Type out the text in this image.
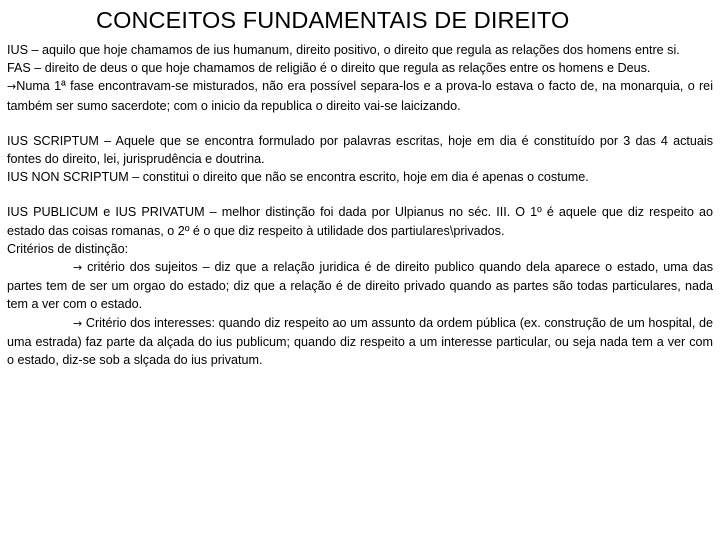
CONCEITOS FUNDAMENTAIS DE DIREITO

IUS – aquilo que hoje chamamos de ius humanum, direito positivo, o direito que regula as relações dos homens entre si.

FAS – direito de deus o que hoje chamamos de religião é o direito que regula as relações entre os homens e Deus.

→Numa 1ª fase encontravam-se misturados, não era possível separa-los e a prova-lo estava o facto de, na monarquia, o rei também ser sumo sacerdote; com o inicio da republica o direito vai-se laicizando.

IUS SCRIPTUM – Aquele que se encontra formulado por palavras escritas, hoje em dia é constituído por 3 das 4 actuais fontes do direito, lei, jurisprudência e doutrina.

IUS NON SCRIPTUM – constitui o direito que não se encontra escrito, hoje em dia é apenas o costume.

IUS PUBLICUM e IUS PRIVATUM – melhor distinção foi dada por Ulpianus no séc. III. O 1º é aquele que diz respeito ao estado das coisas romanas, o 2º é o que diz respeito à utilidade dos partiulares\privados.

Critérios de distinção:

→ critério dos sujeitos – diz que a relação juridica é de direito publico quando dela aparece o estado, uma das partes tem de ser um orgao do estado; diz que a relação é de direito privado quando as partes são todas particulares, nada tem a ver com o estado.

→ Critério dos interesses: quando diz respeito ao um assunto da ordem pública (ex. construção de um hospital, de uma estrada) faz parte da alçada do ius publicum; quando diz respeito a um interesse particular, ou seja nada tem a ver com o estado, diz-se sob a slçada do ius privatum.
